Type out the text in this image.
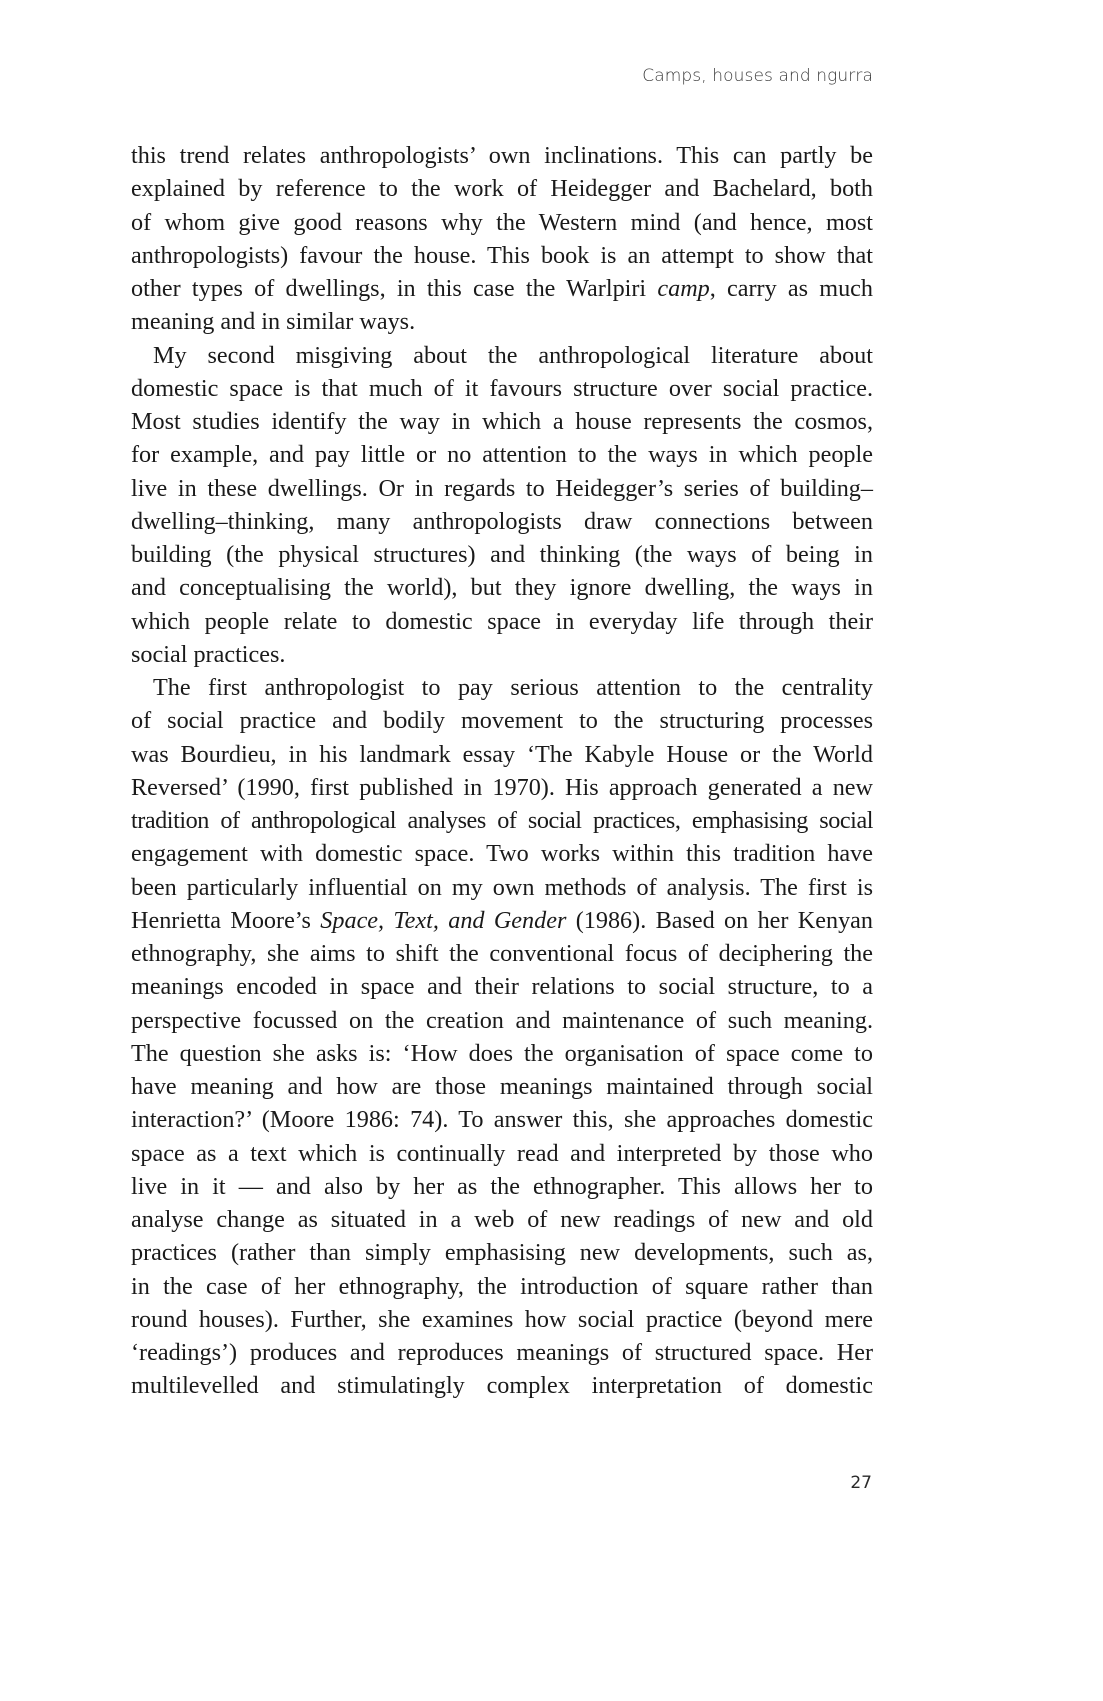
Camps, houses and ngurra
this trend relates anthropologists’ own inclinations. This can partly be
explained by reference to the work of Heidegger and Bachelard, both
of whom give good reasons why the Western mind (and hence, most
anthropologists) favour the house. This book is an attempt to show that
other types of dwellings, in this case the Warlpiri camp, carry as much
meaning and in similar ways.
My second misgiving about the anthropological literature about
domestic space is that much of it favours structure over social practice.
Most studies identify the way in which a house represents the cosmos,
for example, and pay little or no attention to the ways in which people
live in these dwellings. Or in regards to Heidegger’s series of building–
dwelling–thinking, many anthropologists draw connections between
building (the physical structures) and thinking (the ways of being in
and conceptualising the world), but they ignore dwelling, the ways in
which people relate to domestic space in everyday life through their
social practices.
The first anthropologist to pay serious attention to the centrality
of social practice and bodily movement to the structuring processes
was Bourdieu, in his landmark essay ‘The Kabyle House or the World
Reversed’ (1990, first published in 1970). His approach generated a new
tradition of anthropological analyses of social practices, emphasising social
engagement with domestic space. Two works within this tradition have
been particularly influential on my own methods of analysis. The first is
Henrietta Moore’s Space, Text, and Gender (1986). Based on her Kenyan
ethnography, she aims to shift the conventional focus of deciphering the
meanings encoded in space and their relations to social structure, to a
perspective focussed on the creation and maintenance of such meaning.
The question she asks is: ‘How does the organisation of space come to
have meaning and how are those meanings maintained through social
interaction?’ (Moore 1986: 74). To answer this, she approaches domestic
space as a text which is continually read and interpreted by those who
live in it — and also by her as the ethnographer. This allows her to
analyse change as situated in a web of new readings of new and old
practices (rather than simply emphasising new developments, such as,
in the case of her ethnography, the introduction of square rather than
round houses). Further, she examines how social practice (beyond mere
‘readings’) produces and reproduces meanings of structured space. Her
multilevelled and stimulatingly complex interpretation of domestic
27
